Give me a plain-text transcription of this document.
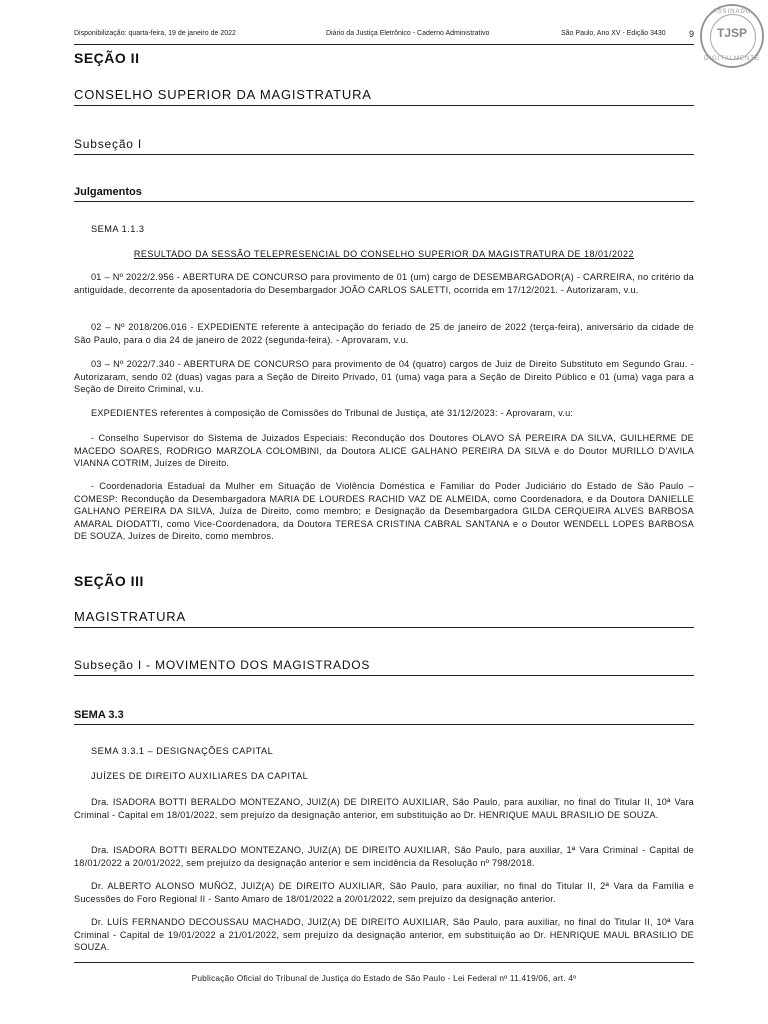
Disponibilização: quarta-feira, 19 de janeiro de 2022	Diário da Justiça Eletrônico - Caderno Administrativo	São Paulo, Ano XV - Edição 3430	9
ASSINADO
TJSP
DIGITALMENTE
SEÇÃO II
CONSELHO SUPERIOR DA MAGISTRATURA
Subseção I
Julgamentos
SEMA 1.1.3
RESULTADO DA SESSÃO TELEPRESENCIAL DO CONSELHO SUPERIOR DA MAGISTRATURA DE 18/01/2022
01 – Nº 2022/2.956 - ABERTURA DE CONCURSO para provimento de 01 (um) cargo de DESEMBARGADOR(A) - CARREIRA, no critério da antiguidade, decorrente da aposentadoria do Desembargador JOÃO CARLOS SALETTI, ocorrida em 17/12/2021. - Autorizaram, v.u.
02 – Nº 2018/206.016 - EXPEDIENTE referente à antecipação do feriado de 25 de janeiro de 2022 (terça-feira), aniversário da cidade de São Paulo, para o dia 24 de janeiro de 2022 (segunda-feira). - Aprovaram, v.u.
03 – Nº 2022/7.340 - ABERTURA DE CONCURSO para provimento de 04 (quatro) cargos de Juiz de Direito Substituto em Segundo Grau. - Autorizaram, sendo 02 (duas) vagas para a Seção de Direito Privado, 01 (uma) vaga para a Seção de Direito Público e 01 (uma) vaga para a Seção de Direito Criminal, v.u.
EXPEDIENTES referentes à composição de Comissões do Tribunal de Justiça, até 31/12/2023: - Aprovaram, v.u:
- Conselho Supervisor do Sistema de Juizados Especiais: Recondução dos Doutores OLAVO SÁ PEREIRA DA SILVA, GUILHERME DE MACEDO SOARES, RODRIGO MARZOLA COLOMBINI, da Doutora ALICE GALHANO PEREIRA DA SILVA e do Doutor MURILLO D’AVILA VIANNA COTRIM, Juízes de Direito.
- Coordenadoria Estadual da Mulher em Situação de Violência Doméstica e Familiar do Poder Judiciário do Estado de São Paulo – COMESP: Recondução da Desembargadora MARIA DE LOURDES RACHID VAZ DE ALMEIDA, como Coordenadora, e da Doutora DANIELLE GALHANO PEREIRA DA SILVA, Juíza de Direito, como membro; e Designação da Desembargadora GILDA CERQUEIRA ALVES BARBOSA AMARAL DIODATTI, como Vice-Coordenadora, da Doutora TERESA CRISTINA CABRAL SANTANA e o Doutor WENDELL LOPES BARBOSA DE SOUZA, Juízes de Direito, como membros.
SEÇÃO III
MAGISTRATURA
Subseção I - MOVIMENTO DOS MAGISTRADOS
SEMA 3.3
SEMA 3.3.1 – DESIGNAÇÕES CAPITAL
JUÍZES DE DIREITO AUXILIARES DA CAPITAL
Dra. ISADORA BOTTI BERALDO MONTEZANO, JUIZ(A) DE DIREITO AUXILIAR, São Paulo, para auxiliar, no final do Titular II, 10ª Vara Criminal - Capital em 18/01/2022, sem prejuízo da designação anterior, em substituição ao Dr. HENRIQUE MAUL BRASILIO DE SOUZA.
Dra. ISADORA BOTTI BERALDO MONTEZANO, JUIZ(A) DE DIREITO AUXILIAR, São Paulo, para auxiliar, 1ª Vara Criminal - Capital de 18/01/2022 a 20/01/2022, sem prejuízo da designação anterior e sem incidência da Resolução nº 798/2018.
Dr. ALBERTO ALONSO MUÑOZ, JUIZ(A) DE DIREITO AUXILIAR, São Paulo, para auxiliar, no final do Titular II, 2ª Vara da Família e Sucessões do Foro Regional II - Santo Amaro de 18/01/2022 a 20/01/2022, sem prejuízo da designação anterior.
Dr. LUÍS FERNANDO DECOUSSAU MACHADO, JUIZ(A) DE DIREITO AUXILIAR, São Paulo, para auxiliar, no final do Titular II, 10ª Vara Criminal - Capital de 19/01/2022 a 21/01/2022, sem prejuízo da designação anterior, em substituição ao Dr. HENRIQUE MAUL BRASILIO DE SOUZA.
Publicação Oficial do Tribunal de Justiça do Estado de São Paulo - Lei Federal nº 11.419/06, art. 4º
